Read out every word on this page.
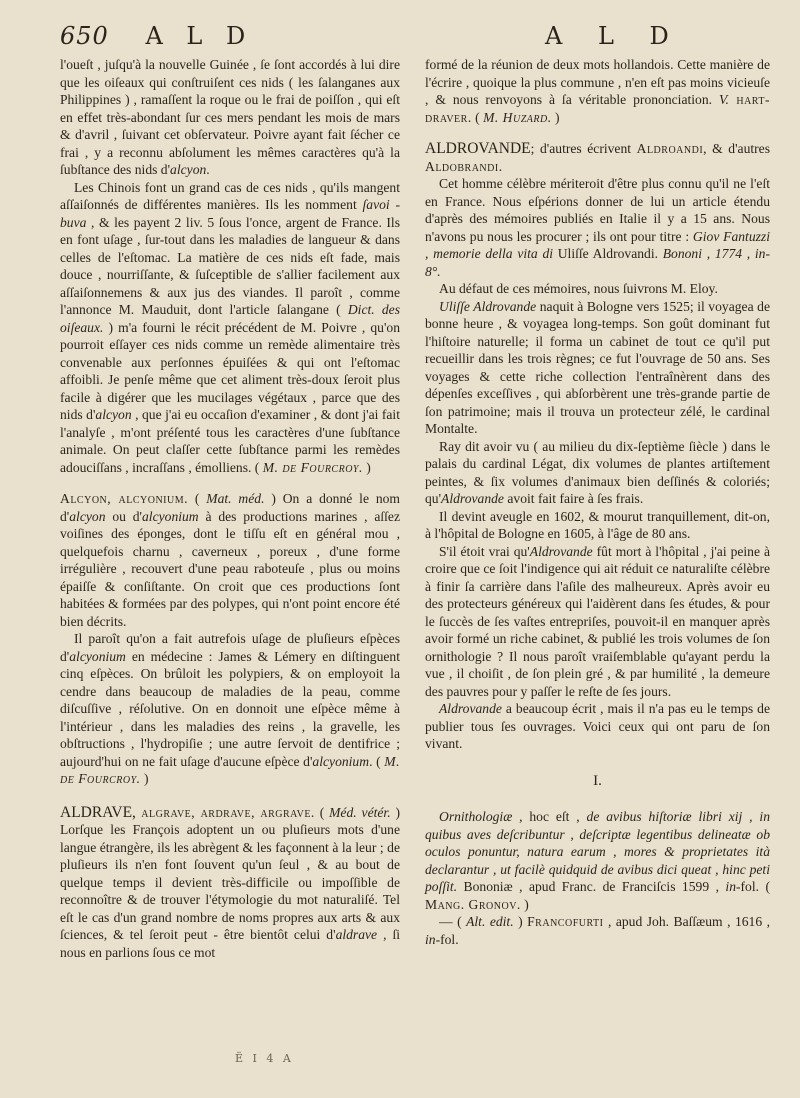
650 A L D	A L D

l'oueſt , juſqu'à la nouvelle Guinée , ſe ſont accordés à lui dire que les oiſeaux qui conſtruiſent ces nids ( les ſalanganes aux Philippines ) , ramaſſent la roque ou le frai de poiſſon , qui eſt en effet très-abondant ſur ces mers pendant les mois de mars & d'avril , ſuivant cet obſervateur. Poivre ayant fait ſécher ce frai , y a reconnu abſolument les mêmes caractères qu'à la ſubſtance des nids d'alcyon.

Les Chinois font un grand cas de ces nids , qu'ils mangent aſſaiſonnés de différentes manières. Ils les nomment ſavoi - buva , & les payent 2 liv. 5 ſous l'once, argent de France. Ils en font uſage , ſur-tout dans les maladies de langueur & dans celles de l'eſtomac. La matière de ces nids eſt fade, mais douce , nourriſſante, & ſuſceptible de s'allier facilement aux aſſaiſonnemens & aux jus des viandes. Il paroît , comme l'annonce M. Mauduit, dont l'article ſalangane ( Dict. des oiſeaux. ) m'a fourni le récit précédent de M. Poivre , qu'on pourroit eſſayer ces nids comme un remède alimentaire très convenable aux perſonnes épuiſées & qui ont l'eſtomac affoibli. Je penſe même que cet aliment très-doux ſeroit plus facile à digérer que les mucilages végétaux , parce que des nids d'alcyon , que j'ai eu occaſion d'examiner , & dont j'ai fait l'analyſe , m'ont préſenté tous les caractères d'une ſubſtance animale. On peut claſſer cette ſubſtance parmi les remèdes adouciſſans , incraſſans , émolliens. ( M. de Fourcroy. )

Alcyon, alcyonium. ( Mat. méd. ) On a donné le nom d'alcyon ou d'alcyonium à des productions marines , aſſez voiſines des éponges, dont le tiſſu eſt en général mou , quelquefois charnu , caverneux , poreux , d'une forme irrégulière , recouvert d'une peau raboteuſe , plus ou moins épaiſſe & conſiſtante. On croit que ces productions ſont habitées & formées par des polypes, qui n'ont point encore été bien décrits.

Il paroît qu'on a fait autrefois uſage de pluſieurs eſpèces d'alcyonium en médecine : James & Lémery en diſtinguent cinq eſpèces. On brûloit les polypiers, & on employoit la cendre dans beaucoup de maladies de la peau, comme diſcuſſive , réſolutive. On en donnoit une eſpèce même à l'intérieur , dans les maladies des reins , la gravelle, les obſtructions , l'hydropiſie ; une autre ſervoit de dentifrice ; aujourd'hui on ne fait uſage d'aucune eſpèce d'alcyonium. ( M. de Fourcroy. )

ALDRAVE, algrave, ardrave, argrave. ( Méd. vétér. ) Lorſque les François adoptent un ou pluſieurs mots d'une langue étrangère, ils les abrègent & les façonnent à la leur ; de pluſieurs ils n'en font ſouvent qu'un ſeul , & au bout de quelque temps il devient très-difficile ou impoſſible de reconnoître & de trouver l'étymologie du mot naturaliſé. Tel eſt le cas d'un grand nombre de noms propres aux arts & aux ſciences, & tel ſeroit peut - être bientôt celui d'aldrave , ſi nous en parlions ſous ce mot

formé de la réunion de deux mots hollandois. Cette manière de l'écrire , quoique la plus commune , n'en eſt pas moins vicieuſe , & nous renvoyons à ſa véritable prononciation. V. hart-draver. ( M. Huzard. )

ALDROVANDE; d'autres écrivent Aldroandi, & d'autres Aldobrandi.

Cet homme célèbre mériteroit d'être plus connu qu'il ne l'eſt en France. Nous eſpérions donner de lui un article étendu d'après des mémoires publiés en Italie il y a 15 ans. Nous n'avons pu nous les procurer ; ils ont pour titre : Giov Fantuzzi , memorie della vita di Uliſſe Aldrovandi. Bononi , 1774 , in-8°.

Au défaut de ces mémoires, nous ſuivrons M. Eloy.

Uliſſe Aldrovande naquit à Bologne vers 1525; il voyagea de bonne heure , & voyagea long-temps. Son goût dominant fut l'hiſtoire naturelle; il forma un cabinet de tout ce qu'il put recueillir dans les trois règnes; ce fut l'ouvrage de 50 ans. Ses voyages & cette riche collection l'entraînèrent dans des dépenſes exceſſives , qui abſorbèrent une très-grande partie de ſon patrimoine; mais il trouva un protecteur zélé, le cardinal Montalte.

Ray dit avoir vu ( au milieu du dix-ſeptième ſiècle ) dans le palais du cardinal Légat, dix volumes de plantes artiſtement peintes, & ſix volumes d'animaux bien deſſinés & coloriés; qu'Aldrovande avoit fait faire à ſes frais.

Il devint aveugle en 1602, & mourut tranquillement, dit-on, à l'hôpital de Bologne en 1605, à l'âge de 80 ans.

S'il étoit vrai qu'Aldrovande fût mort à l'hôpital , j'ai peine à croire que ce ſoit l'indigence qui ait réduit ce naturaliſte célèbre à finir ſa carrière dans l'aſile des malheureux. Après avoir eu des protecteurs généreux qui l'aidèrent dans ſes études, & pour le ſuccès de ſes vaſtes entrepriſes, pouvoit-il en manquer après avoir formé un riche cabinet, & publié les trois volumes de ſon ornithologie ? Il nous paroît vraiſemblable qu'ayant perdu la vue , il choiſit , de ſon plein gré , & par humilité , la demeure des pauvres pour y paſſer le reſte de ſes jours.

Aldrovande a beaucoup écrit , mais il n'a pas eu le temps de publier tous ſes ouvrages. Voici ceux qui ont paru de ſon vivant.

I.

Ornithologiæ , hoc eſt , de avibus hiſtoriæ libri xij , in quibus aves deſcribuntur , deſcriptæ legentibus delineatæ ob oculos ponuntur, natura earum , mores & proprietates ità declarantur , ut facilè quidquid de avibus dici queat , hinc peti poſſit. Bononiæ , apud Franc. de Franciſcis 1599 , in-fol. ( Mang. Gronov. )

— ( Alt. edit. ) Francofurti , apud Joh. Baſſæum , 1616 , in-fol.

Ë I 4 A
